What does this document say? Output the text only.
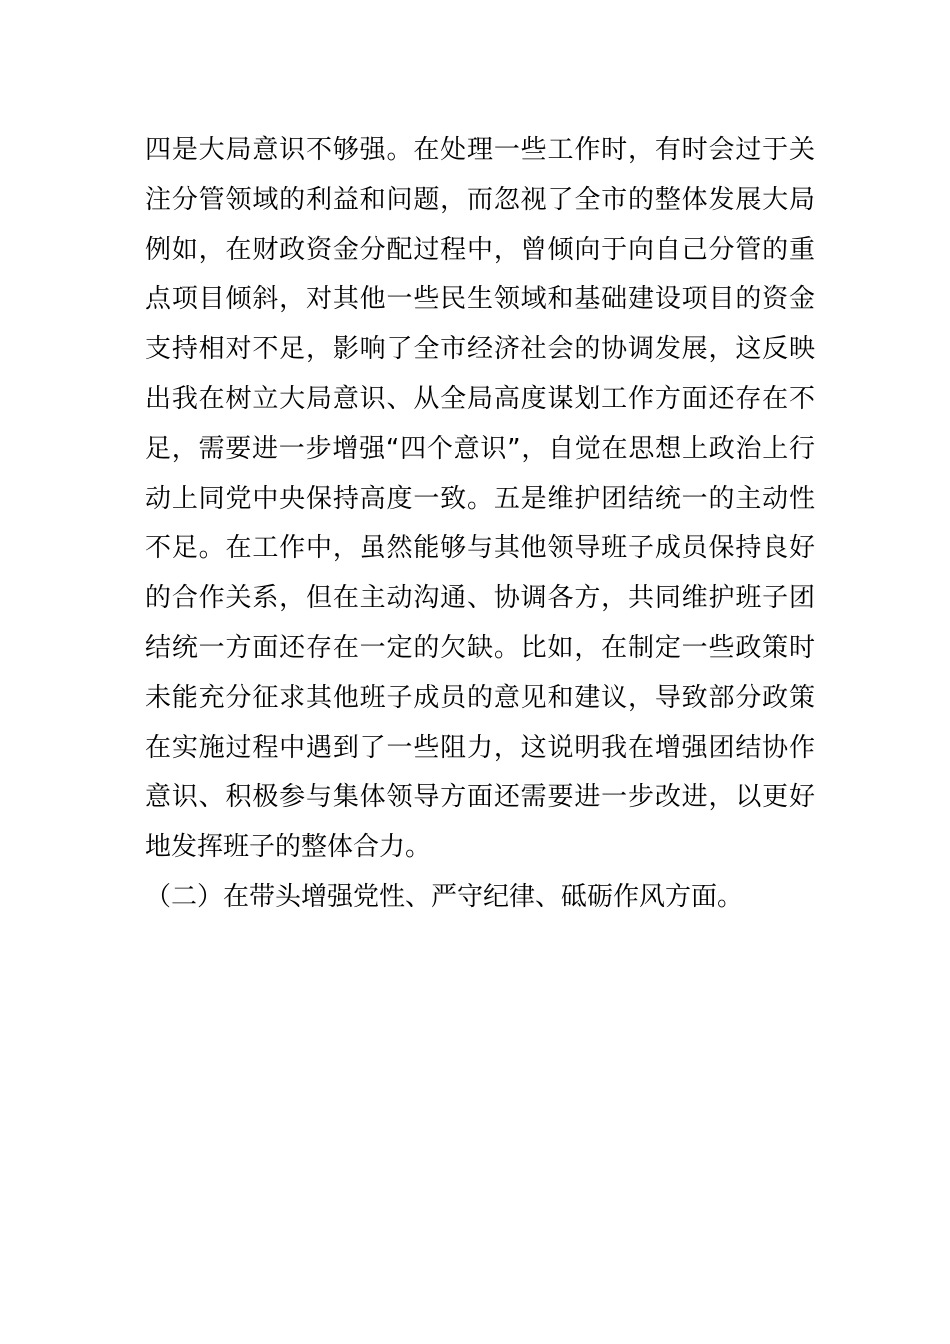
四是大局意识不够强。在处理一些工作时，有时会过于关
注分管领域的利益和问题，而忽视了全市的整体发展大局
例如，在财政资金分配过程中，曾倾向于向自己分管的重
点项目倾斜，对其他一些民生领域和基础建设项目的资金
支持相对不足，影响了全市经济社会的协调发展，这反映
出我在树立大局意识、从全局高度谋划工作方面还存在不
足，需要进一步增强“四个意识”，自觉在思想上政治上行
动上同党中央保持高度一致。五是维护团结统一的主动性
不足。在工作中，虽然能够与其他领导班子成员保持良好
的合作关系，但在主动沟通、协调各方，共同维护班子团
结统一方面还存在一定的欠缺。比如，在制定一些政策时
未能充分征求其他班子成员的意见和建议，导致部分政策
在实施过程中遇到了一些阻力，这说明我在增强团结协作
意识、积极参与集体领导方面还需要进一步改进，以更好
地发挥班子的整体合力。
（二）在带头增强党性、严守纪律、砥砺作风方面。
